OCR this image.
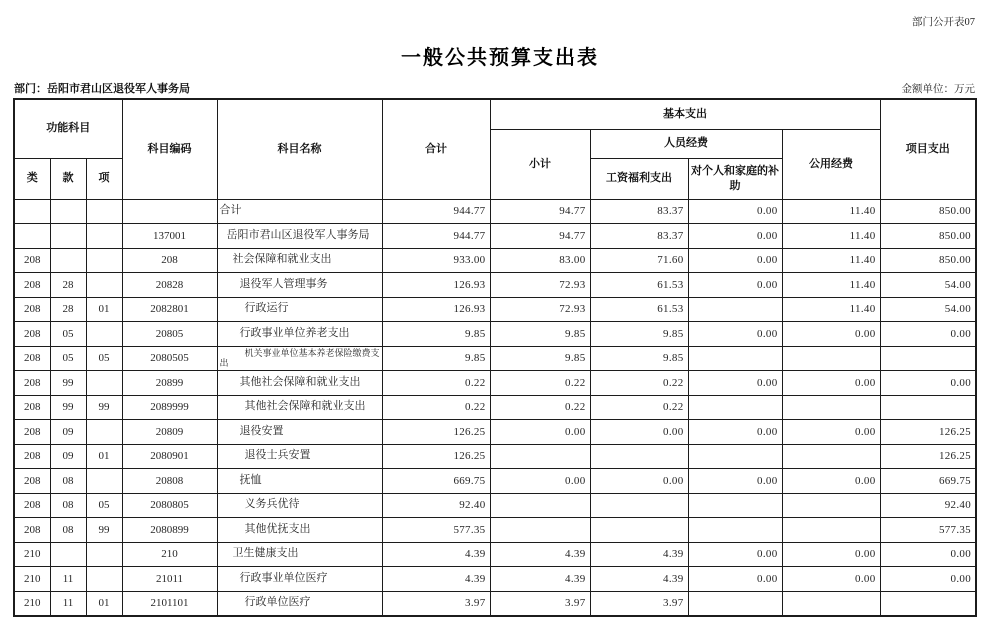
部门公开表07
一般公共预算支出表
部门：岳阳市君山区退役军人事务局	金额单位：万元
功能科目			科目编码	科目名称	合计	基本支出				项目支出
						小计	人员经费		公用经费	
类	款	项					工资福利支出	对个人和家庭的补助		
				合计	944.77	94.77	83.37	0.00	11.40	850.00
			137001	岳阳市君山区退役军人事务局	944.77	94.77	83.37	0.00	11.40	850.00
208			208	社会保障和就业支出	933.00	83.00	71.60	0.00	11.40	850.00
208	28		20828	退役军人管理事务	126.93	72.93	61.53	0.00	11.40	54.00
208	28	01	2082801	行政运行	126.93	72.93	61.53		11.40	54.00
208	05		20805	行政事业单位养老支出	9.85	9.85	9.85	0.00	0.00	0.00
208	05	05	2080505	机关事业单位基本养老保险缴费支出	9.85	9.85	9.85			
208	99		20899	其他社会保障和就业支出	0.22	0.22	0.22	0.00	0.00	0.00
208	99	99	2089999	其他社会保障和就业支出	0.22	0.22	0.22			
208	09		20809	退役安置	126.25	0.00	0.00	0.00	0.00	126.25
208	09	01	2080901	退役士兵安置	126.25					126.25
208	08		20808	抚恤	669.75	0.00	0.00	0.00	0.00	669.75
208	08	05	2080805	义务兵优待	92.40					92.40
208	08	99	2080899	其他优抚支出	577.35					577.35
210			210	卫生健康支出	4.39	4.39	4.39	0.00	0.00	0.00
210	11		21011	行政事业单位医疗	4.39	4.39	4.39	0.00	0.00	0.00
210	11	01	2101101	行政单位医疗	3.97	3.97	3.97			
